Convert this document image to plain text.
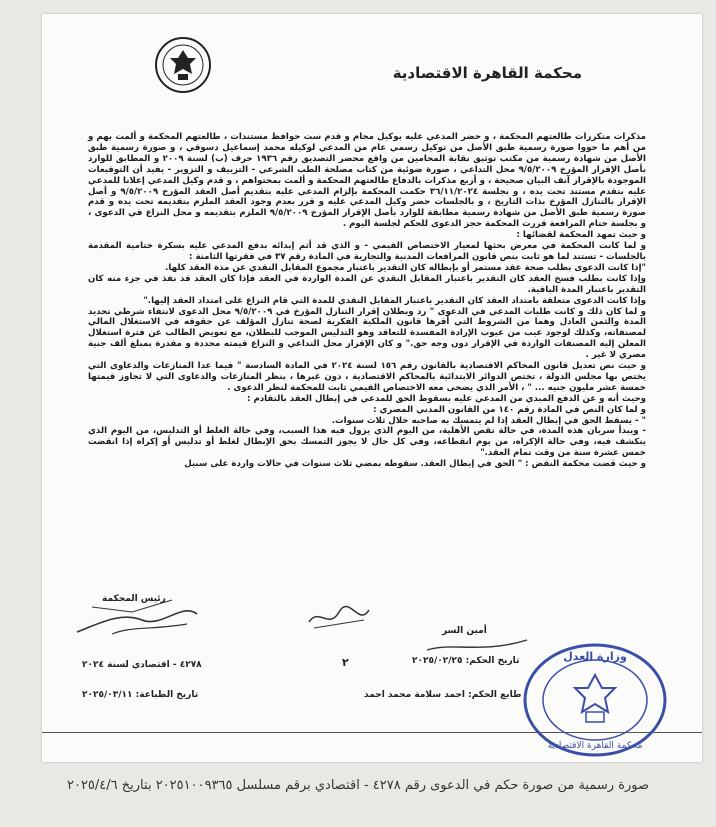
محكمة القاهرة الاقتصادية

مذكرات متكررات طالعتهم المحكمة ، و حضر المدعي عليه بوكيل محام و قدم ست حوافظ مستندات ، طالعتهم المحكمة و ألمت بهم و من أهم ما حووا صورة رسمية طبق الأصل من توكيل رسمي عام من المدعي لوكيله محمد إسماعيل دسوقي ، و صورة رسمية طبق الأصل من شهادة رسمية من مكتب توثيق نقابة المحامين من واقع محضر التصديق رقم ١٩٣٦ حرف (ب) لسنة ٢٠٠٩ و المطابق للوارد بأصل الإقرار المؤرخ ٩/٥/٢٠٠٩ محل التداعي ، صورة ضوئية من كتاب مصلحة الطب الشرعي - التزييف و التزوير - يفيد أن التوقيعات الموجودة بالإقرار آنف البيان صحيحة ، و أربع مذكرات بالدفاع طالعتهم المحكمة و ألمت بمحتواهم ، و قدم وكيل المدعي إعلانا للمدعي عليه بتقدم مستند تحت يده ، و بجلسة ٣٦/١١/٢٠٢٤ حكمت المحكمة بإلزام المدعي عليه بتقديم أصل العقد المؤرخ ٩/٥/٢٠٠٩ و أصل الإقرار بالتنازل المؤرخ بذات التاريخ ، و بالجلسات حضر وكيل المدعي عليه و قرر بعدم وجود العقد الملزم بتقديمه تحت يده و قدم صورة رسمية طبق الأصل من شهادة رسمية مطابقة للوارد بأصل الإقرار المؤرخ ٩/٥/٢٠٠٩ الملزم بتقديمه و محل النزاع في الدعوى ، و بجلسة ختام المرافعة قررت المحكمة حجز الدعوى للحكم لجلسة اليوم .

و حيث تمهد المحكمة لقضائها :

و لما كانت المحكمة في معرض بحثها لمعيار الاختصاص القيمي - و الذي قد أثم إبدائه بدفع المدعي عليه بسكرة ختامية المقدمة بالجلسات - تستند لما هو ثابت بنص قانون المرافعات المدنية والتجارية في المادة رقم ٣٧ في فقرتها الثامنة :

"إذا كانت الدعوى بطلب صحة عقد مستمر أو بإبطاله كان التقدير باعتبار مجموع المقابل النقدي عن مدة العقد كلها.

وإذا كانت بطلب فسخ العقد كان التقدير باعتبار المقابل النقدي عن المدة الواردة في العقد فإذا كان العقد قد نفذ في جزء منه كان التقدير باعتبار المدة الباقية.

وإذا كانت الدعوى متعلقة بامتداد العقد كان التقدير باعتبار المقابل النقدي للمدة التي قام النزاع على امتداد العقد إليها."

و لما كان ذلك و كانت طلبات المدعي في الدعوى " رد وبطلان إقرار التنازل المؤرخ في ٩/٥/٢٠٠٩ محل الدعوى لانتفاء شرطي تحديد المدة والثمن العادل وهما من الشروط التي أقرها قانون الملكية الفكرية لصحة تنازل المؤلف عن حقوقه في الاستغلال المالي لمصنفاته، وكذلك لوجود عيب من عيوب الإرادة المفسدة للتعاقد وهو التدليس الموجب للبطلان، مع تعويض الطالب عن فترة استغلال المعلن إليه المصنفات الواردة في الإقرار دون وجه حق." و كان الإقرار محل التداعي و النزاع قيمته محددة و مقدرة بمبلغ ألف جنية مصري لا غير .

و حيث نص تعديل قانون المحاكم الاقتصادية بالقانون رقم ١٥٦ لسنة ٢٠٢٤ في المادة السادسة " فيما عدا المنازعات والدعاوى التي يختص بها مجلس الدولة ، تختص الدوائر الابتدائية بالمحاكم الاقتصادية ، دون غيرها ، بنظر المنازعات والدعاوى التي لا تجاوز قيمتها خمسة عشر مليون جنيه ... " ، الأمر الذي يضحى معه الاختصاص القيمي ثابت للمحكمة لنظر الدعوى .

وحيث أنه و عن الدفع المبدي من المدعي عليه بسقوط الحق للمدعي في إبطال العقد بالتقادم :

و لما كان النص في المادة رقم ١٤٠ من القانون المدني المصري :

" - يسقط الحق في إبطال العقد إذا لم يتمسك به صاحبه خلال ثلاث سنوات.

- ويبدأ سريان هذه المدة، في حالة نقص الأهلية، من اليوم الذي يزول فيه هذا السبب، وفي حالة الغلط أو التدليس، من اليوم الذي ينكشف فيه، وفي حالة الإكراه، من يوم انقطاعه، وفي كل حال لا يجوز التمسك بحق الإبطال لغلط أو تدليس أو إكراه إذا انقضت خمس عشرة سنة من وقت تمام العقد."

و حيث قضت محكمة النقض : " الحق في إبطال العقد. سقوطه بمضي ثلاث سنوات في حالات واردة على سبيل

أمين السر
رئيس المحكمة
٢
٤٢٧٨ - اقتصادي لسنة ٢٠٢٤	تاريخ الحكم: ٢٠٢٥/٠٢/٢٥
تاريخ الطباعة: ٢٠٢٥/٠٣/١١	طابع الحكم: احمد سلامة محمد احمد
وزارة العدل
محكمة القاهرة الاقتصادية
صورة رسمية من صورة حكم في الدعوى رقم ٤٢٧٨ - اقتصادي برقم مسلسل ٢٠٢٥١٠٠٩٣٦٥ بتاريخ ٢٠٢٥/٤/٦
